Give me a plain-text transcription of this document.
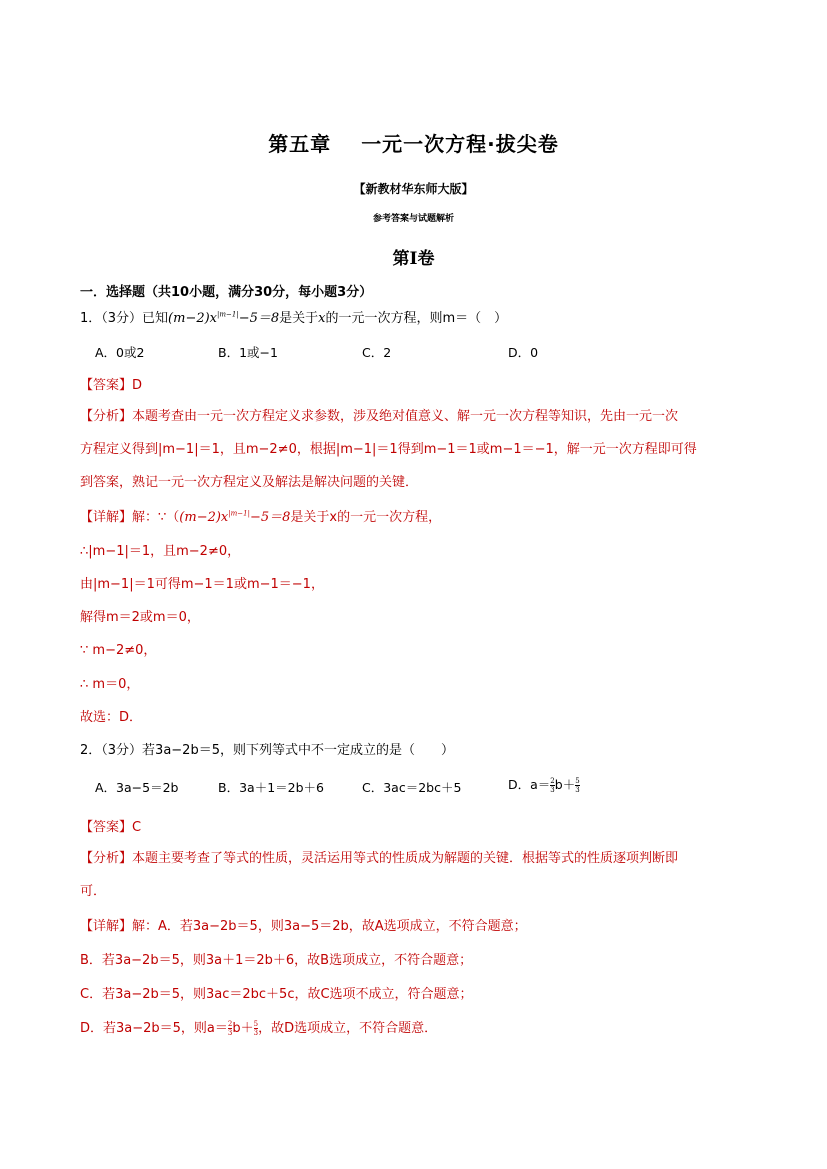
第五章 一元一次方程·拔尖卷
【新教材华东师大版】
参考答案与试题解析
第I卷
一．选择题（共10小题，满分30分，每小题3分）
1．（3分）已知$(m-2)x^{|m-1|}-5=8$是关于x的一元一次方程，则m＝（　）
A．0或2	B．1或−1	C．2	D．0
【答案】D
【分析】本题考查由一元一次方程定义求参数，涉及绝对值意义、解一元一次方程等知识，先由一元一次
方程定义得到|m−1|＝1，且m−2≠0，根据|m−1|＝1得到m−1＝1或m−1＝−1，解一元一次方程即可得
到答案，熟记一元一次方程定义及解法是解决问题的关键．
【详解】解：$\because((m-2)x^{|m-1|}-5=8$是关于x的一元一次方程，
∴|m−1|＝1，且m−2≠0，
由|m−1|＝1可得m−1＝1或m−1＝−1，
解得m＝2或m＝0，
∵ m−2≠0，
∴ m＝0，
故选：D．
2．（3分）若3a−2b＝5，则下列等式中不一定成立的是（　　）
A．3a−5＝2b	B．3a＋1＝2b＋6	C．3ac＝2bc＋5	D．$a=\frac{2}{3} b+\frac{5}{3}$
【答案】C
【分析】本题主要考查了等式的性质，灵活运用等式的性质成为解题的关键．根据等式的性质逐项判断即
可．
【详解】解：A．若3a−2b＝5，则3a−5＝2b，故A选项成立，不符合题意；
B．若3a−2b＝5，则3a＋1＝2b＋6，故B选项成立，不符合题意；
C．若3a−2b＝5，则3ac＝2bc＋5c，故C选项不成立，符合题意；
D．若3a−2b＝5，则$a=\frac{2}{3} b+\frac{5}{3}$ ，故D选项成立，不符合题意．
